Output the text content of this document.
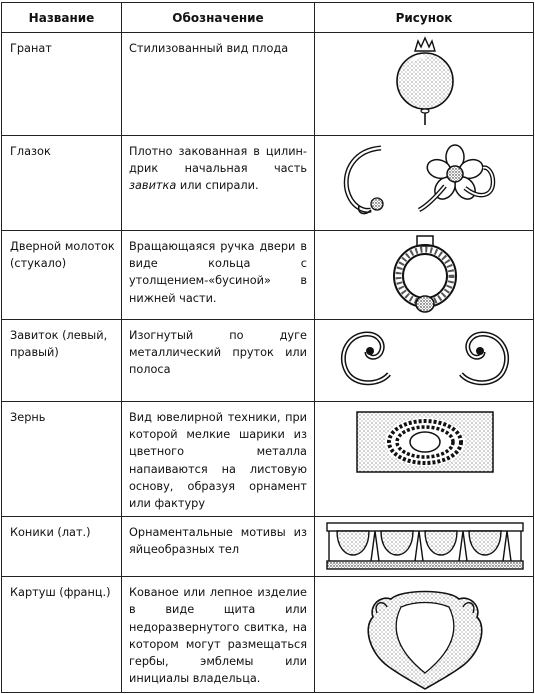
Название	Обозначение	Рисунок
Гранат	Стилизованный вид плода	

Глазок	Плотно закованная в цилиндрик начальная часть завитка или спирали.	

Дверной молоток (стукало)	Вращающаяся ручка двери в виде кольца с утолщением-«бусиной» в нижней части.	

Завиток (левый, правый)	Изогнутый по дуге металлический пруток или полоса	

Зернь	Вид ювелирной техники, при которой мелкие шарики из цветного металла напаиваются на листовую основу, образуя орнамент или фактуру	

Коники (лат.)	Орнаментальные мотивы из яйцеобразных тел	

Картуш (франц.)	Кованое или лепное изделие в виде щита или недоразвернутого свитка, на котором могут размещаться гербы, эмблемы или инициалы владельца.	
